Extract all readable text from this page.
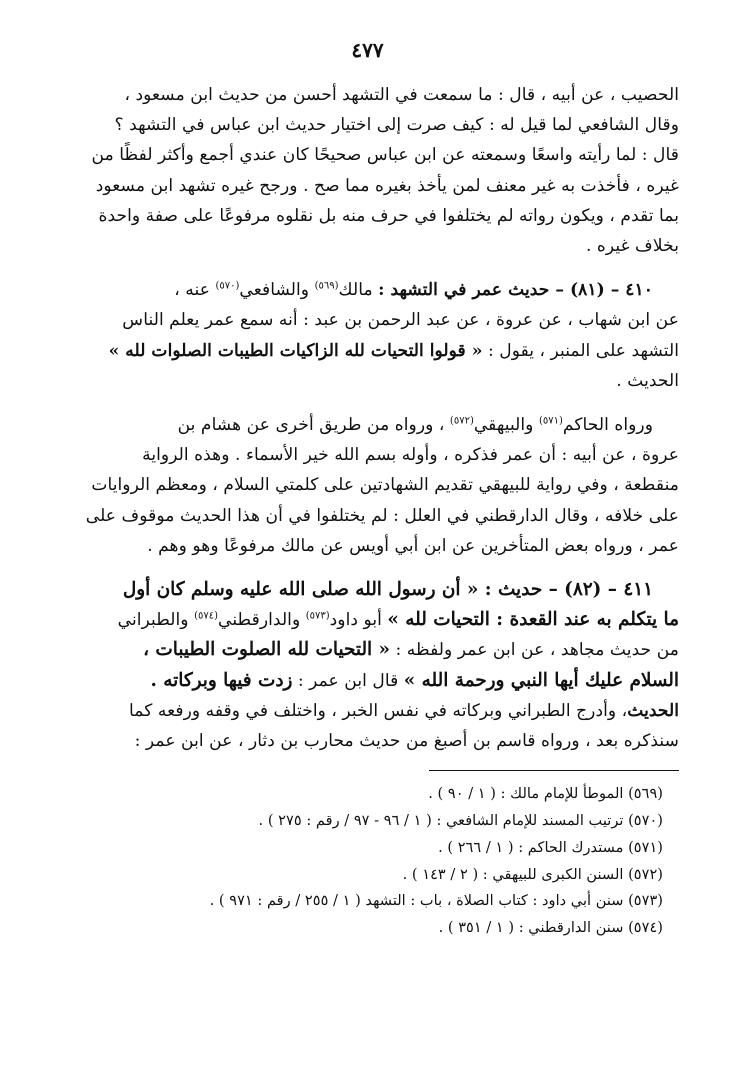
٤٧٧

الحصيب ، عن أبيه ، قال : ما سمعت في التشهد أحسن من حديث ابن مسعود ،

وقال الشافعي لما قيل له : كيف صرت إلى اختيار حديث ابن عباس في التشهد ؟

قال : لما رأيته واسعًا وسمعته عن ابن عباس صحيحًا كان عندي أجمع وأكثر لفظًا من

غيره ، فأخذت به غير معنف لمن يأخذ بغيره مما صح . ورجح غيره تشهد ابن مسعود

بما تقدم ، ويكون رواته لم يختلفوا في حرف منه بل نقلوه مرفوعًا على صفة واحدة

بخلاف غيره .

٤١٠ – (٨١) – حديث عمر في التشهد : مالك$^{(٥٦٩)}$ والشافعي$^{(٥٧٠)}$ عنه ،

عن ابن شهاب ، عن عروة ، عن عبد الرحمن بن عبد : أنه سمع عمر يعلم الناس

التشهد على المنبر ، يقول : « قولوا التحيات لله الزاكيات الطيبات الصلوات لله »

الحديث .

ورواه الحاكم$^{(٥٧١)}$ والبيهقي$^{(٥٧٢)}$ ، ورواه من طريق أخرى عن هشام بن

عروة ، عن أبيه : أن عمر فذكره ، وأوله بسم الله خير الأسماء . وهذه الرواية

منقطعة ، وفي رواية للبيهقي تقديم الشهادتين على كلمتي السلام ، ومعظم الروايات

على خلافه ، وقال الدارقطني في العلل : لم يختلفوا في أن هذا الحديث موقوف على

عمر ، ورواه بعض المتأخرين عن ابن أبي أويس عن مالك مرفوعًا وهو وهم .

٤١١ – (٨٢) – حديث : « أن رسول الله صلى الله عليه وسلم كان أول

ما يتكلم به عند القعدة : التحيات لله » أبو داود$^{(٥٧٣)}$ والدارقطني$^{(٥٧٤)}$ والطبراني

من حديث مجاهد ، عن ابن عمر ولفظه : « التحيات لله الصلوت الطيبات ،

السلام عليك أيها النبي ورحمة الله » قال ابن عمر : زدت فيها وبركاته .

الحديث، وأدرج الطبراني وبركاته في نفس الخبر ، واختلف في وقفه ورفعه كما

سنذكره بعد ، ورواه قاسم بن أصبغ من حديث محارب بن دثار ، عن ابن عمر :

(٥٦٩) الموطأ للإمام مالك : ( ١ / ٩٠ ) .
(٥٧٠) ترتيب المسند للإمام الشافعي : ( ١ / ٩٦ - ٩٧ / رقم : ٢٧٥ ) .
(٥٧١) مستدرك الحاكم : ( ١ / ٢٦٦ ) .
(٥٧٢) السنن الكبرى للبيهقي : ( ٢ / ١٤٣ ) .
(٥٧٣) سنن أبي داود : كتاب الصلاة ، باب : التشهد ( ١ / ٢٥٥ / رقم : ٩٧١ ) .
(٥٧٤) سنن الدارقطني : ( ١ / ٣٥١ ) .
